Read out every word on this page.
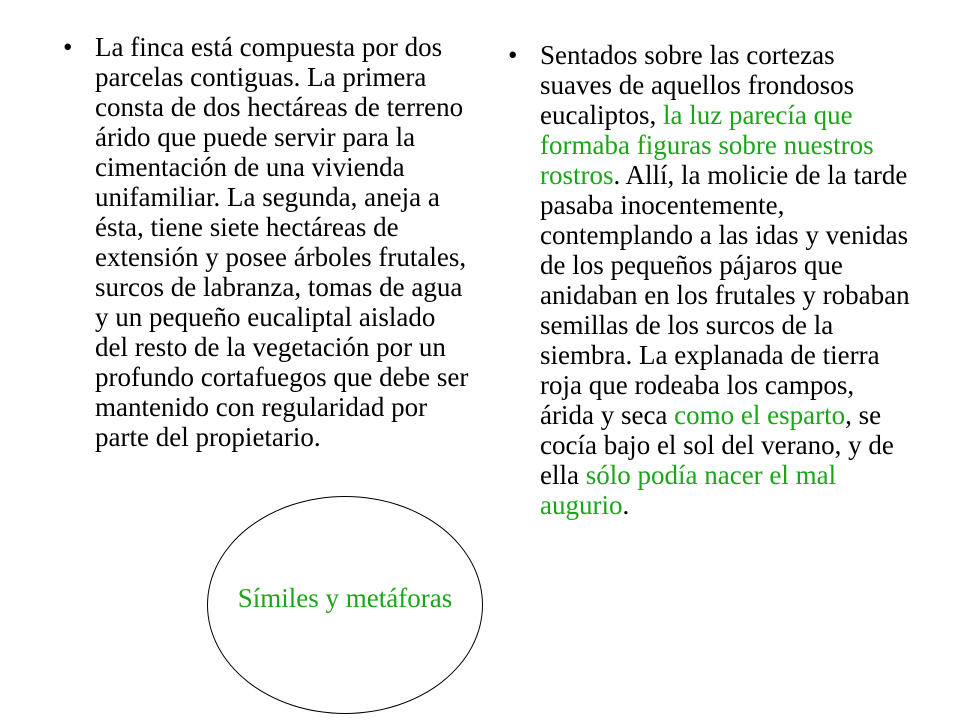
• La finca está compuesta por dos parcelas contiguas. La primera consta de dos hectáreas de terreno árido que puede servir para la cimentación de una vivienda unifamiliar. La segunda, aneja a ésta, tiene siete hectáreas de extensión y posee árboles frutales, surcos de labranza, tomas de agua y un pequeño eucaliptal aislado del resto de la vegetación por un profundo cortafuegos que debe ser mantenido con regularidad por parte del propietario.
• Sentados sobre las cortezas suaves de aquellos frondosos eucaliptos, la luz parecía que formaba figuras sobre nuestros rostros. Allí, la molicie de la tarde pasaba inocentemente, contemplando a las idas y venidas de los pequeños pájaros que anidaban en los frutales y robaban semillas de los surcos de la siembra. La explanada de tierra roja que rodeaba los campos, árida y seca como el esparto, se cocía bajo el sol del verano, y de ella sólo podía nacer el mal augurio.
Símiles y metáforas
